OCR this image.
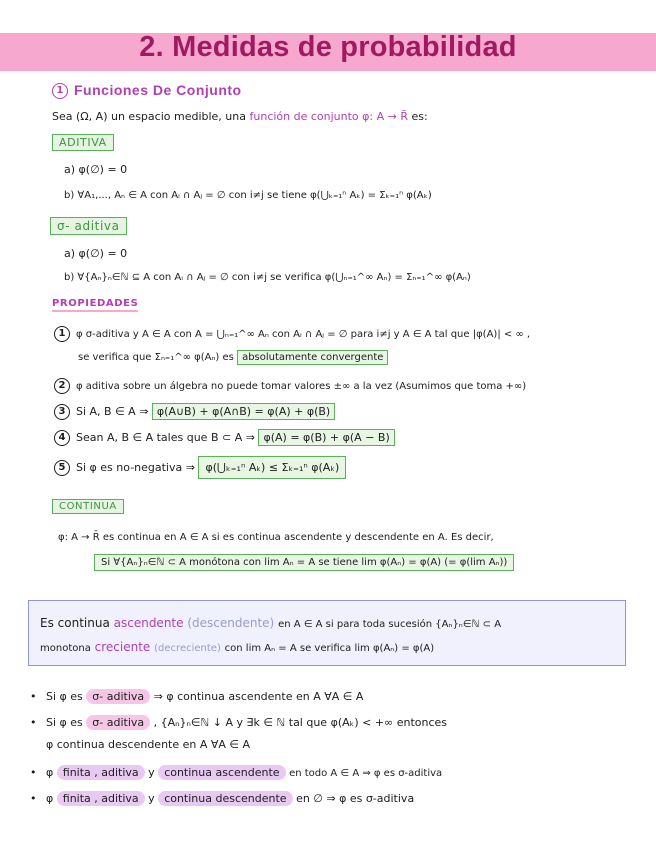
2. Medidas de probabilidad
1 Funciones De Conjunto
Sea (Ω, A) un espacio medible, una función de conjunto φ: A → R̄ es:
ADITIVA
a) φ(∅) = 0
b) ∀A₁,..., Aₙ ∈ A con Aᵢ ∩ Aⱼ = ∅ con i≠j se tiene φ(⋃ₖ₌₁ⁿ Aₖ) = Σₖ₌₁ⁿ φ(Aₖ)
σ- aditiva
a) φ(∅) = 0
b) ∀{Aₙ}ₙ∈ℕ ⊆ A con Aᵢ ∩ Aⱼ = ∅ con i≠j se verifica φ(⋃ₙ₌₁^∞ Aₙ) = Σₙ₌₁^∞ φ(Aₙ)
PROPIEDADES
1 φ σ-aditiva y A ∈ A con A = ⋃ₙ₌₁^∞ Aₙ con Aᵢ ∩ Aⱼ = ∅ para i≠j y A ∈ A tal que |φ(A)| < ∞ ,
se verifica que Σₙ₌₁^∞ φ(Aₙ) es absolutamente convergente
2 φ aditiva sobre un álgebra no puede tomar valores ±∞ a la vez (Asumimos que toma +∞)
3 Si A, B ∈ A ⇒ φ(A∪B) + φ(A∩B) = φ(A) + φ(B)
4 Sean A, B ∈ A tales que B ⊂ A ⇒ φ(A) = φ(B) + φ(A − B)
5 Si φ es no-negativa ⇒ φ(⋃ₖ₌₁ⁿ Aₖ) ≤ Σₖ₌₁ⁿ φ(Aₖ)
CONTINUA
φ: A → R̄ es continua en A ∈ A si es continua ascendente y descendente en A. Es decir,
Si ∀{Aₙ}ₙ∈ℕ ⊂ A monótona con lim Aₙ = A se tiene lim φ(Aₙ) = φ(A) (= φ(lim Aₙ))
Es continua ascendente (descendente) en A ∈ A si para toda sucesión {Aₙ}ₙ∈ℕ ⊂ A
monotona creciente (decreciente) con lim Aₙ = A se verifica lim φ(Aₙ) = φ(A)
• Si φ es σ- aditiva ⇒ φ continua ascendente en A ∀A ∈ A
• Si φ es σ- aditiva , {Aₙ}ₙ∈ℕ ↓ A y ∃k ∈ ℕ tal que φ(Aₖ) < +∞ entonces
φ continua descendente en A ∀A ∈ A
• φ finita , aditiva y continua ascendente en todo A ∈ A ⇒ φ es σ-aditiva
• φ finita , aditiva y continua descendente en ∅ ⇒ φ es σ-aditiva
